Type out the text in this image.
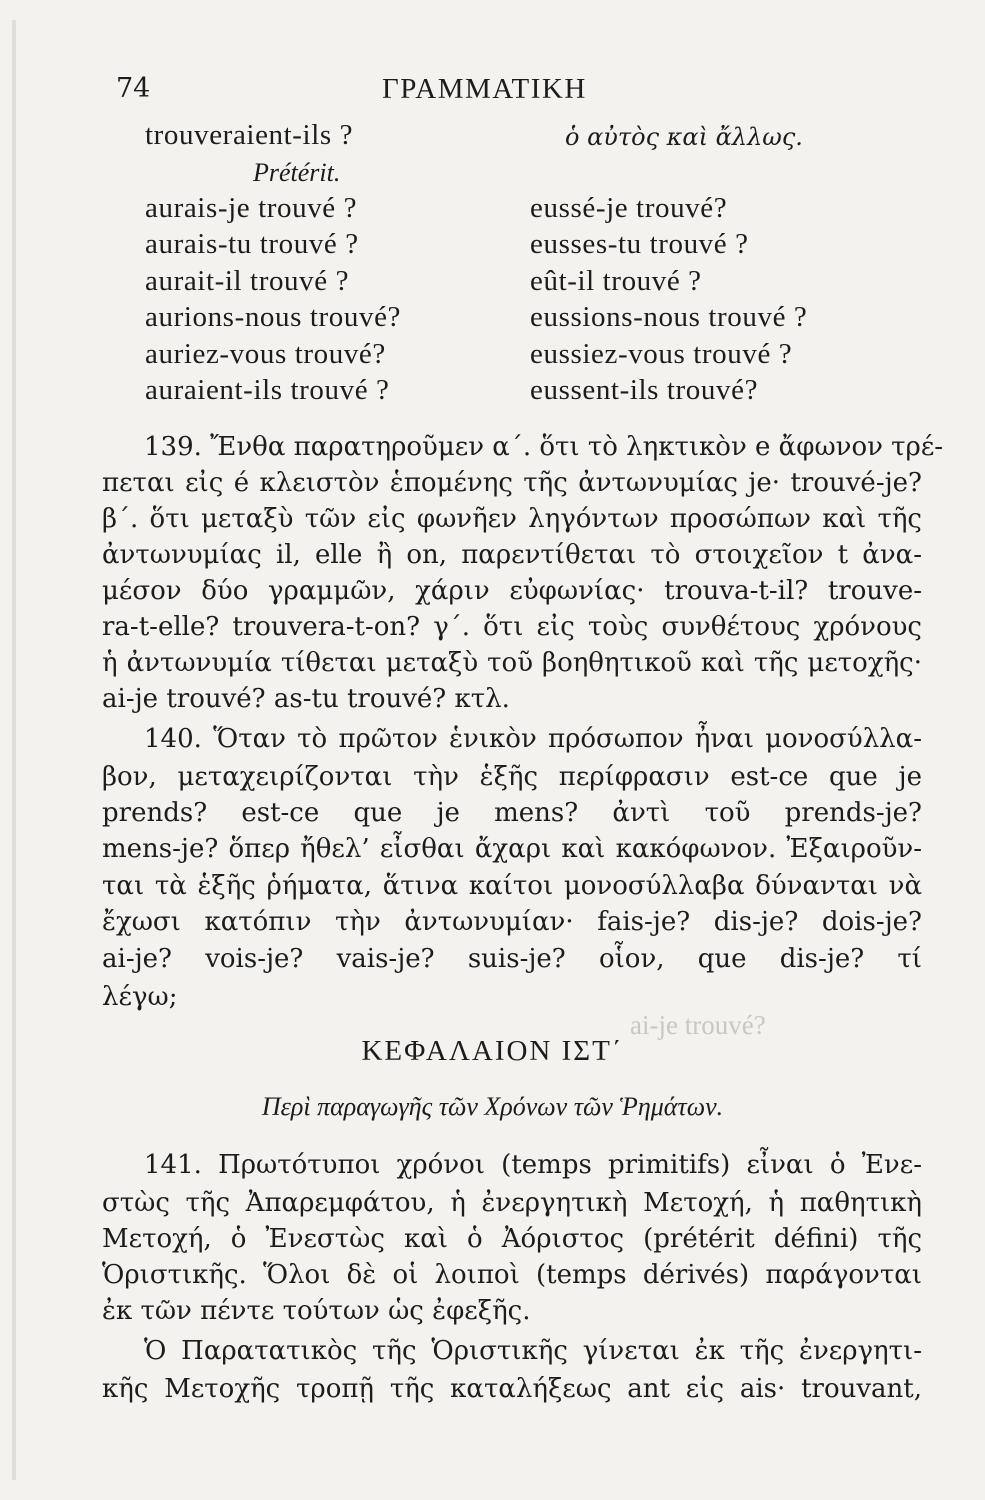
ai-je trouvé?
74	ΓΡΑΜΜΑΤΙΚΗ
trouveraient-ils ?	ὁ αὐτὸς καὶ ἄλλως.
Prétérit.
aurais-je trouvé ?	eussé-je trouvé?
aurais-tu trouvé ?	eusses-tu trouvé ?
aurait-il trouvé ?	eût-il trouvé ?
aurions-nous trouvé?	eussions-nous trouvé ?
auriez-vous trouvé?	eussiez-vous trouvé ?
auraient-ils trouvé ?	eussent-ils trouvé?
139. Ἔνθα παρατηροῦμεν α΄. ὅτι τὸ ληκτικὸν e ἄφωνον τρέ-
πεται εἰς é κλειστὸν ἑπομένης τῆς ἀντωνυμίας je· trouvé-je?
β΄. ὅτι μεταξὺ τῶν εἰς φωνῆεν ληγόντων προσώπων καὶ τῆς
ἀντωνυμίας il, elle ἢ on, παρεντίθεται τὸ στοιχεῖον t ἀνα-
μέσον δύο γραμμῶν, χάριν εὐφωνίας· trouva-t-il? trouve-
ra-t-elle? trouvera-t-on? γ΄. ὅτι εἰς τοὺς συνθέτους χρόνους
ἡ ἀντωνυμία τίθεται μεταξὺ τοῦ βοηθητικοῦ καὶ τῆς μετοχῆς·
ai-je trouvé? as-tu trouvé? κτλ.
140. Ὅταν τὸ πρῶτον ἑνικὸν πρόσωπον ἦναι μονοσύλλα-
βον, μεταχειρίζονται τὴν ἑξῆς περίφρασιν est-ce que je
prends? est-ce que je mens? ἀντὶ τοῦ prends-je?
mens-je? ὅπερ ἤθελ’ εἶσθαι ἄχαρι καὶ κακόφωνον. Ἐξαιροῦν-
ται τὰ ἑξῆς ῥήματα, ἅτινα καίτοι μονοσύλλαβα δύνανται νὰ
ἔχωσι κατόπιν τὴν ἀντωνυμίαν· fais-je? dis-je? dois-je?
ai-je? vois-je? vais-je? suis-je? οἷον, que dis-je? τί
λέγω;
ΚΕΦΑΛΑΙΟΝ ΙΣΤ΄
Περὶ παραγωγῆς τῶν Χρόνων τῶν Ῥημάτων.
141. Πρωτότυποι χρόνοι (temps primitifs) εἶναι ὁ Ἐνε-
στὼς τῆς Ἀπαρεμφάτου, ἡ ἐνεργητικὴ Μετοχή, ἡ παθητικὴ
Μετοχή, ὁ Ἐνεστὼς καὶ ὁ Ἀόριστος (prétérit défini) τῆς
Ὁριστικῆς. Ὅλοι δὲ οἱ λοιποὶ (temps dérivés) παράγονται
ἐκ τῶν πέντε τούτων ὡς ἐφεξῆς.
Ὁ Παρατατικὸς τῆς Ὁριστικῆς γίνεται ἐκ τῆς ἐνεργητι-
κῆς Μετοχῆς τροπῇ τῆς καταλήξεως ant εἰς ais· trouvant,
